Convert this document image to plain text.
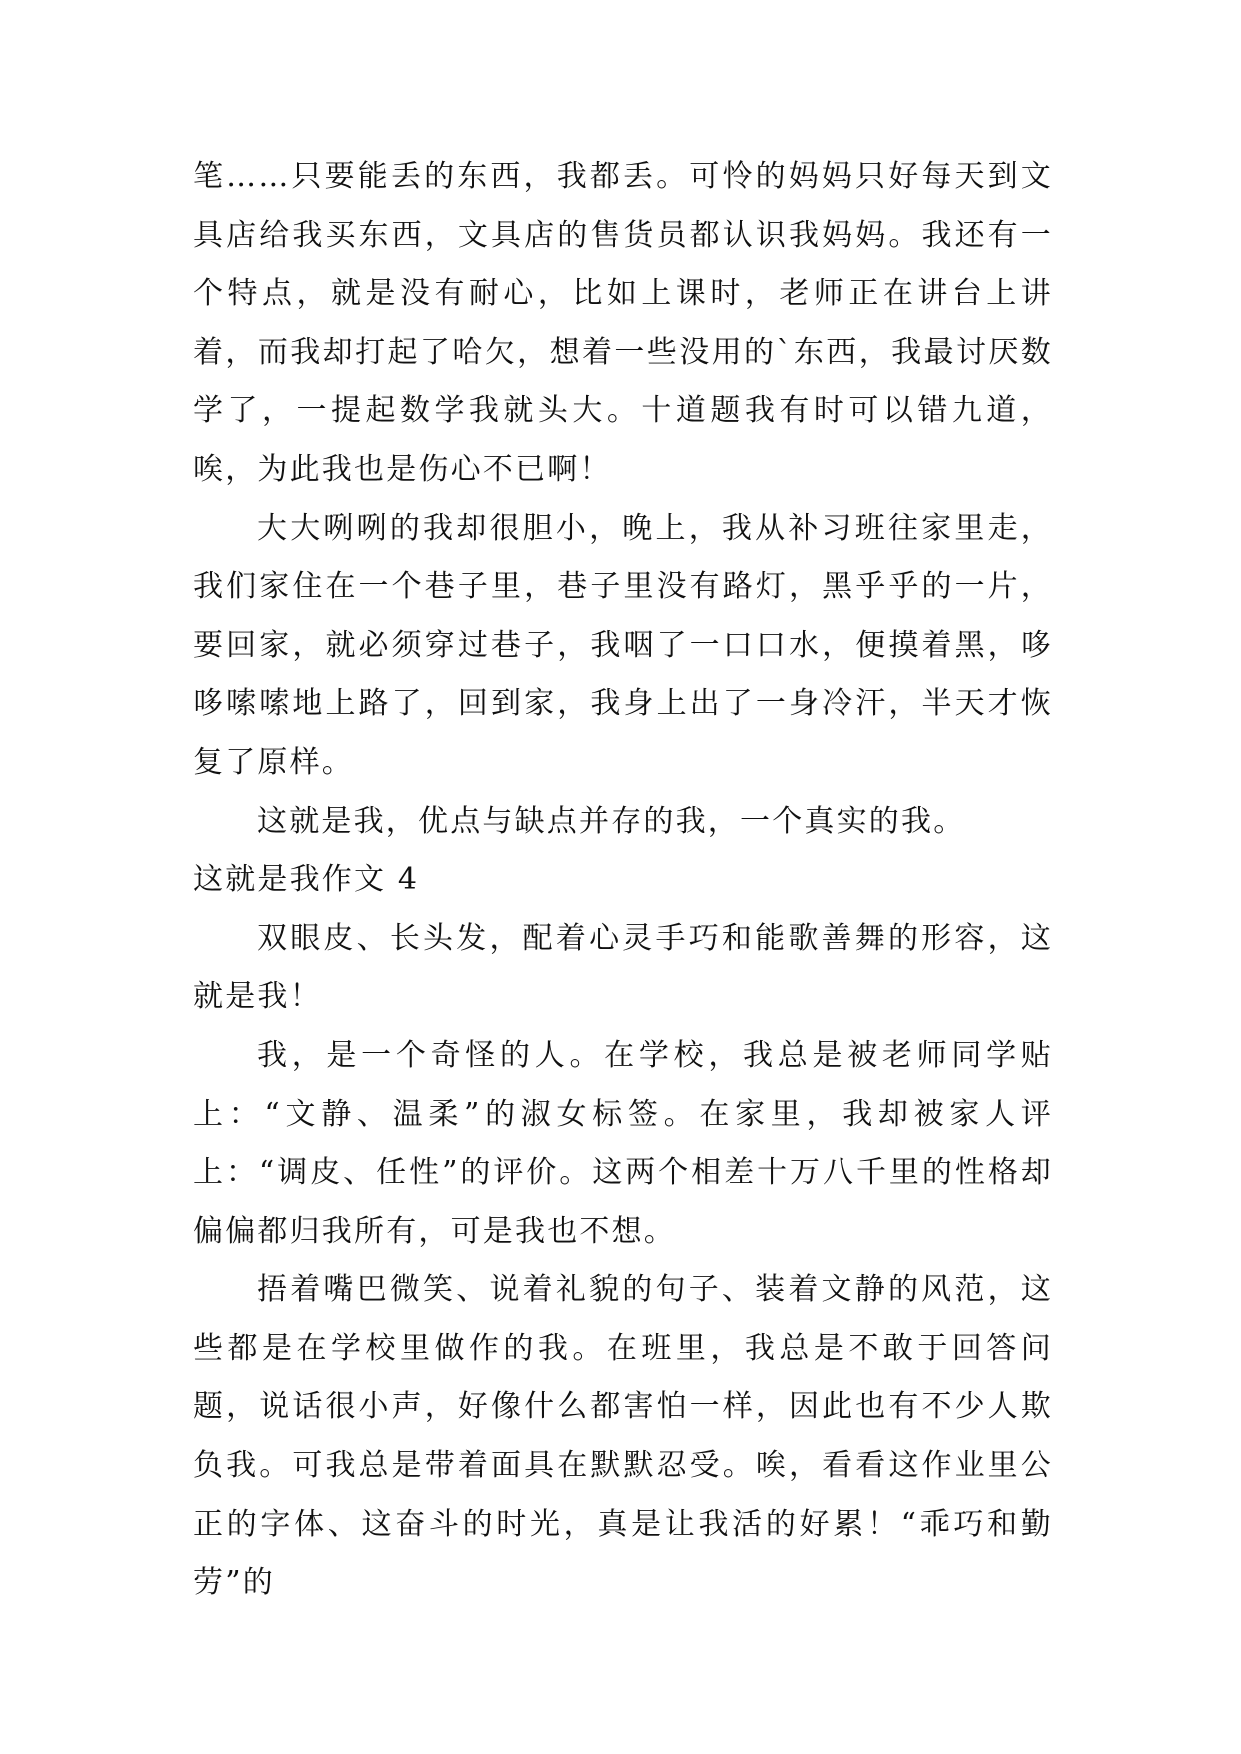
笔……只要能丢的东西，我都丢。可怜的妈妈只好每天到文具店给我买东西，文具店的售货员都认识我妈妈。我还有一个特点，就是没有耐心，比如上课时，老师正在讲台上讲着，而我却打起了哈欠，想着一些没用的`东西，我最讨厌数学了，一提起数学我就头大。十道题我有时可以错九道，唉，为此我也是伤心不已啊！

大大咧咧的我却很胆小，晚上，我从补习班往家里走，我们家住在一个巷子里，巷子里没有路灯，黑乎乎的一片，要回家，就必须穿过巷子，我咽了一口口水，便摸着黑，哆哆嗦嗦地上路了，回到家，我身上出了一身冷汗，半天才恢复了原样。

这就是我，优点与缺点并存的我，一个真实的我。

这就是我作文 4

双眼皮、长头发，配着心灵手巧和能歌善舞的形容，这就是我！

我，是一个奇怪的人。在学校，我总是被老师同学贴上：“文静、温柔”的淑女标签。在家里，我却被家人评上：“调皮、任性”的评价。这两个相差十万八千里的性格却偏偏都归我所有，可是我也不想。

捂着嘴巴微笑、说着礼貌的句子、装着文静的风范，这些都是在学校里做作的我。在班里，我总是不敢于回答问题，说话很小声，好像什么都害怕一样，因此也有不少人欺负我。可我总是带着面具在默默忍受。唉，看看这作业里公正的字体、这奋斗的时光，真是让我活的好累！“乖巧和勤劳”的
